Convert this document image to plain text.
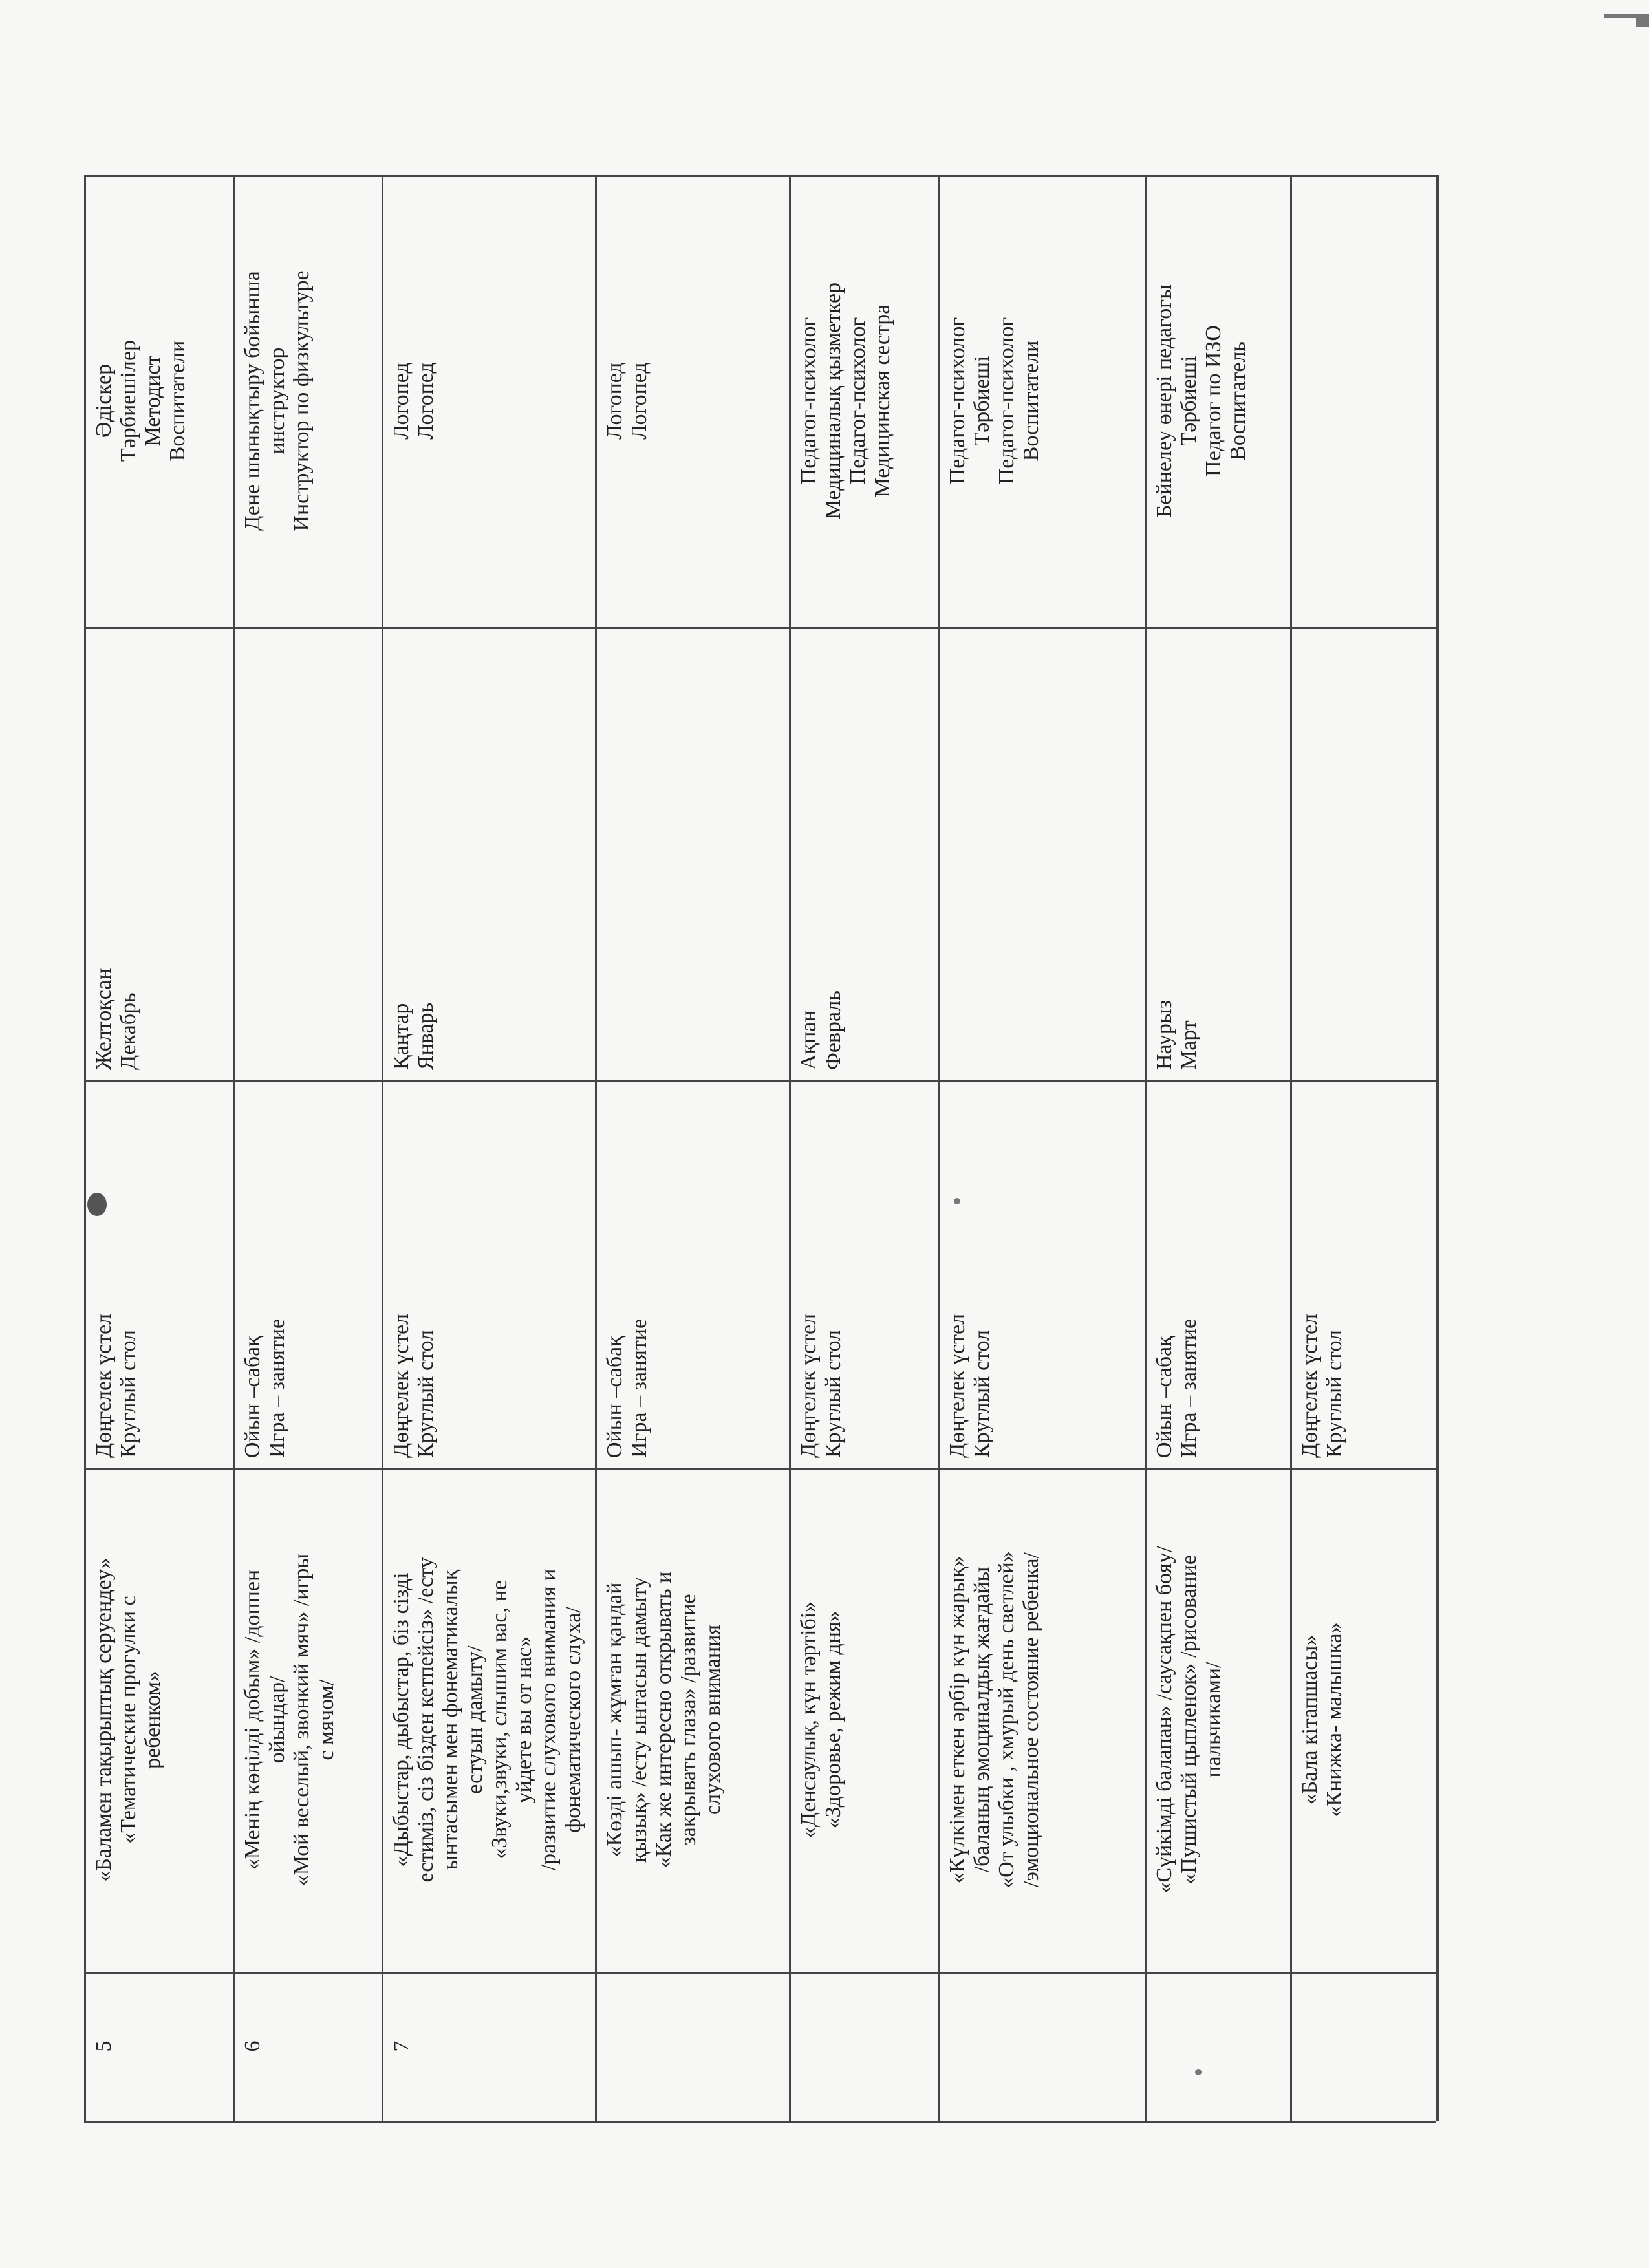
5
«Баламен тақырыптық серуендеу» «Тематические прогулки с ребенком»
Дөңгелек үстел Круглый стол
Желтоқсан Декабрь
Әдіскер Тәрбиешілер Методист Воспитатели
6
«Менің көңілді добым» /доппен ойындар/ «Мой веселый, звонкий мяч» /игры с мячом/
Ойын –сабақ Игра – занятие
Дене шынықтыру бойынша инструктор Инструктор по физкультуре
7
«Дыбыстар, дыбыстар, біз сізді естиміз, сіз бізден кетпейсіз» /есту ынтасымен мен фонематикалық естуын дамыту/ «Звуки,звуки, слышим вас, не уйдете вы от нас» /развитие слухового внимания и фонематического слуха/
Дөңгелек үстел Круглый стол
Қаңтар Январь
Логопед Логопед
«Көзді ашып- жұмған қандай қызық» /есту ынтасын дамыту «Как же интересно открывать и закрывать глаза» /развитие слухового внимания
Ойын –сабақ Игра – занятие
Логопед Логопед
«Денсаулық, күн тәртібі» «Здоровье, режим дня»
Дөңгелек үстел Круглый стол
Ақпан Февраль
Педагог-психолог Медициналық қызметкер Педагог-психолог Медицинская сестра
«Күлкімен еткен әрбір күн жарық» /баланың эмоциналдық жағдайы «От улыбки , хмурый день светлей» /эмоциональное состояние ребенка/
Дөңгелек үстел Круглый стол
Педагог-психолог Тәрбиеші Педагог-психолог Воспитатели
«Сүйкімді балапан» /саусақпен бояу/ «Пушистый цыпленок» /рисование пальчиками/
Ойын –сабақ Игра – занятие
Наурыз Март
Бейнелеу өнері педагогы Тәрбиеші Педагог по ИЗО Воспитатель
«Бала кітапшасы» «Книжка- малышка»
Дөңгелек үстел Круглый стол
